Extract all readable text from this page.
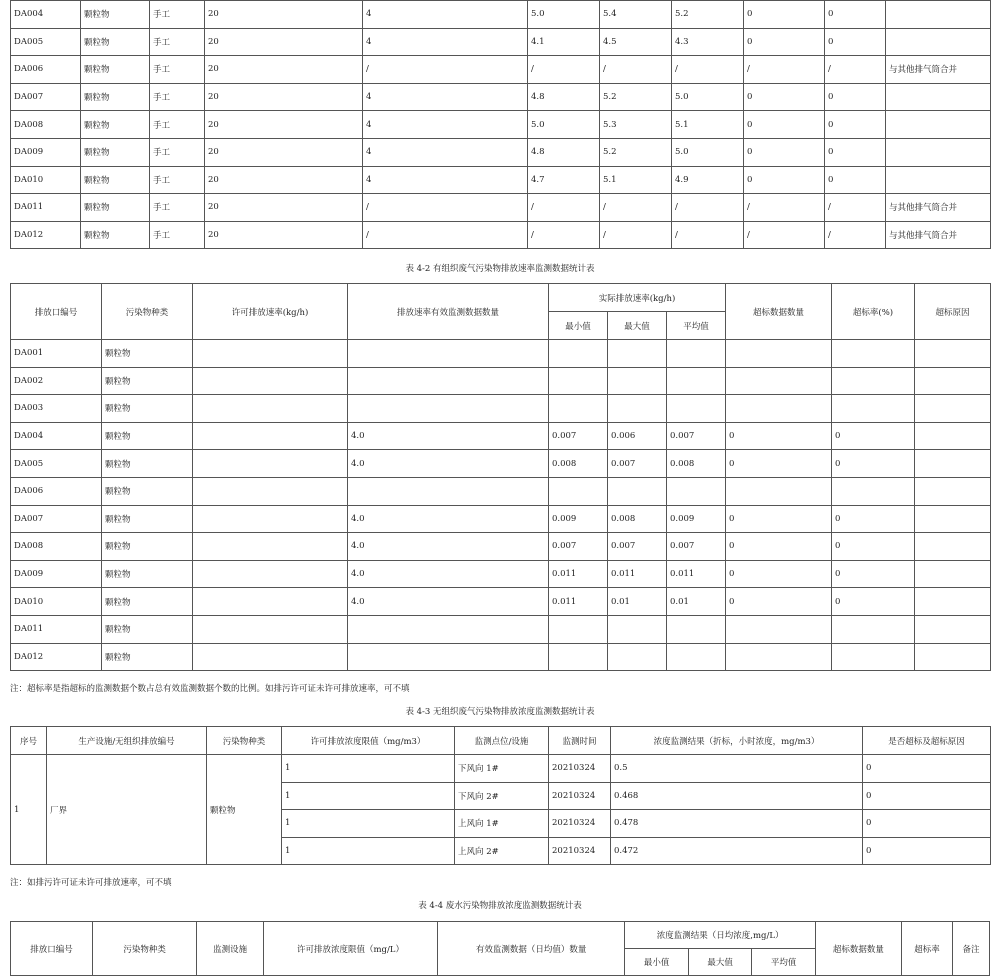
DA004	颗粒物	手工	20	4	5.0	5.4	5.2	0	0	
DA005	颗粒物	手工	20	4	4.1	4.5	4.3	0	0	
DA006	颗粒物	手工	20	/	/	/	/	/	/	与其他排气筒合并
DA007	颗粒物	手工	20	4	4.8	5.2	5.0	0	0	
DA008	颗粒物	手工	20	4	5.0	5.3	5.1	0	0	
DA009	颗粒物	手工	20	4	4.8	5.2	5.0	0	0	
DA010	颗粒物	手工	20	4	4.7	5.1	4.9	0	0	
DA011	颗粒物	手工	20	/	/	/	/	/	/	与其他排气筒合并
DA012	颗粒物	手工	20	/	/	/	/	/	/	与其他排气筒合并
表 4-2 有组织废气污染物排放速率监测数据统计表
排放口编号	污染物种类	许可排放速率(kg/h)	排放速率有效监测数据数量	实际排放速率(kg/h)			超标数据数量	超标率(%)	超标原因
				最小值	最大值	平均值			
DA001	颗粒物								
DA002	颗粒物								
DA003	颗粒物								
DA004	颗粒物		4.0	0.007	0.006	0.007	0	0	
DA005	颗粒物		4.0	0.008	0.007	0.008	0	0	
DA006	颗粒物								
DA007	颗粒物		4.0	0.009	0.008	0.009	0	0	
DA008	颗粒物		4.0	0.007	0.007	0.007	0	0	
DA009	颗粒物		4.0	0.011	0.011	0.011	0	0	
DA010	颗粒物		4.0	0.011	0.01	0.01	0	0	
DA011	颗粒物								
DA012	颗粒物								
注：超标率是指超标的监测数据个数占总有效监测数据个数的比例。如排污许可证未许可排放速率，可不填
表 4-3 无组织废气污染物排放浓度监测数据统计表
序号	生产设施/无组织排放编号	污染物种类	许可排放浓度限值（mg/m3）	监测点位/设施	监测时间	浓度监测结果（折标，小时浓度，mg/m3）	是否超标及超标原因
1	厂界	颗粒物	1	下风向 1#	20210324	0.5	0
			1	下风向 2#	20210324	0.468	0
			1	上风向 1#	20210324	0.478	0
			1	上风向 2#	20210324	0.472	0
注：如排污许可证未许可排放速率，可不填
表 4-4 废水污染物排放浓度监测数据统计表
排放口编号	污染物种类	监测设施	许可排放浓度限值（mg/L）	有效监测数据（日均值）数量	浓度监测结果（日均浓度,mg/L）			超标数据数量	超标率	备注
					最小值	最大值	平均值			
